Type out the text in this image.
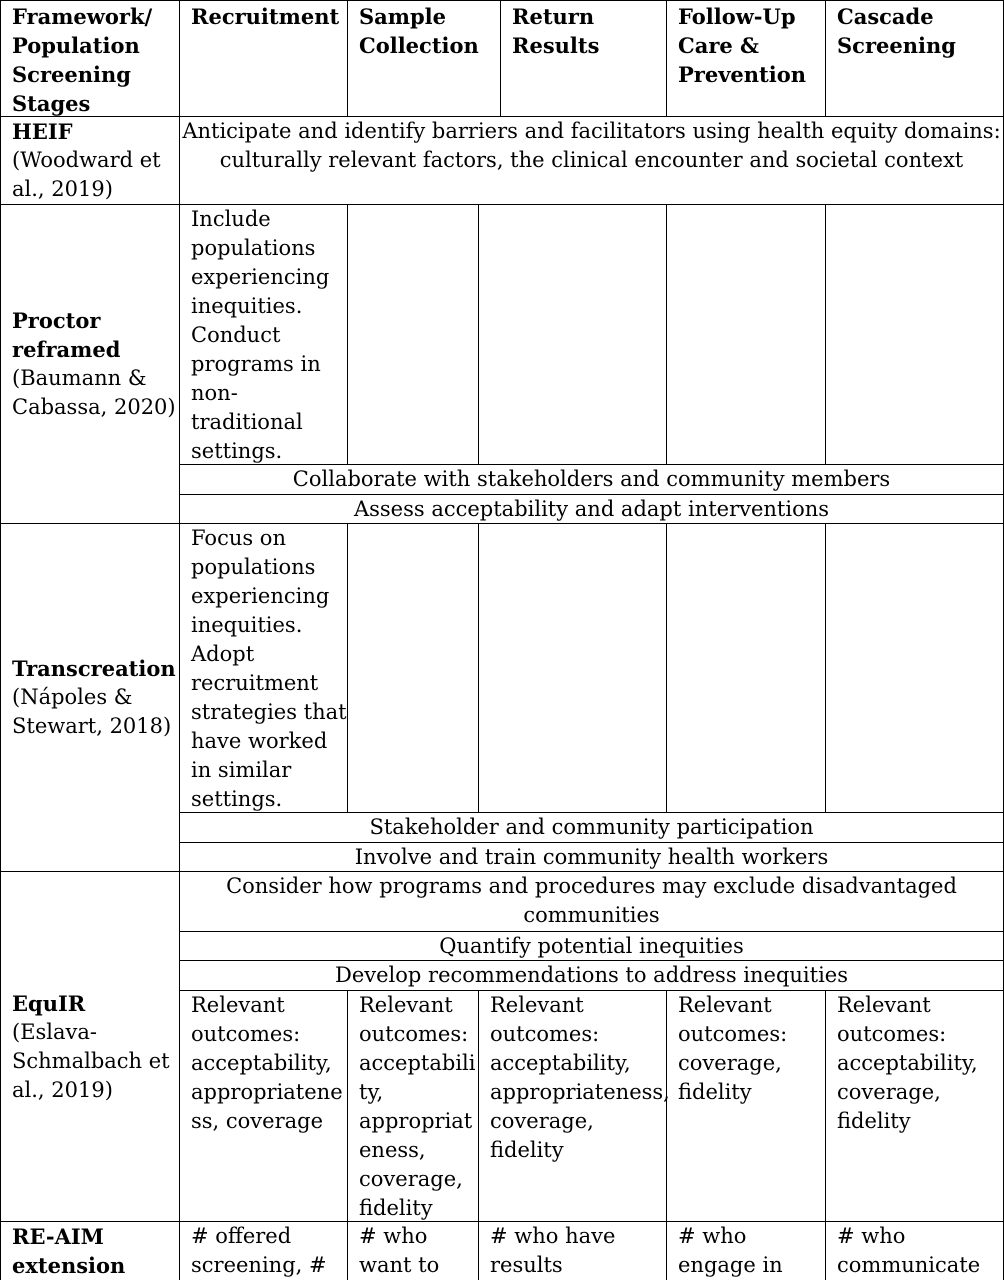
Framework/
Population
Screening
Stages
Recruitment Sample
Collection
Return
Results
Follow-Up
Care &
Prevention
Cascade
Screening
HEIF
(Woodward et
al., 2019)
Anticipate and identify barriers and facilitators using health equity domains:
culturally relevant factors, the clinical encounter and societal context
Proctor
reframed
(Baumann &
Cabassa, 2020)
Include
populations
experiencing
inequities.
Conduct
programs in
non-
traditional
settings.
Collaborate with stakeholders and community members
Assess acceptability and adapt interventions
Transcreation
(Nápoles &
Stewart, 2018)
Focus on
populations
experiencing
inequities.
Adopt
recruitment
strategies that
have worked
in similar
settings.
Stakeholder and community participation
Involve and train community health workers
EquIR
(Eslava-
Schmalbach et
al., 2019)
Consider how programs and procedures may exclude disadvantaged
communities
Quantify potential inequities
Develop recommendations to address inequities
Relevant
outcomes:
acceptability,
appropriatene
ss, coverage
Relevant
outcomes:
acceptabili
ty,
appropriat
eness,
coverage,
fidelity
Relevant
outcomes:
acceptability,
appropriateness,
coverage,
fidelity
Relevant
outcomes:
coverage,
fidelity
Relevant
outcomes:
acceptability,
coverage,
fidelity
RE-AIM
extension
# offered
screening, #
# who
want to
# who have
results
# who
engage in
# who
communicate
